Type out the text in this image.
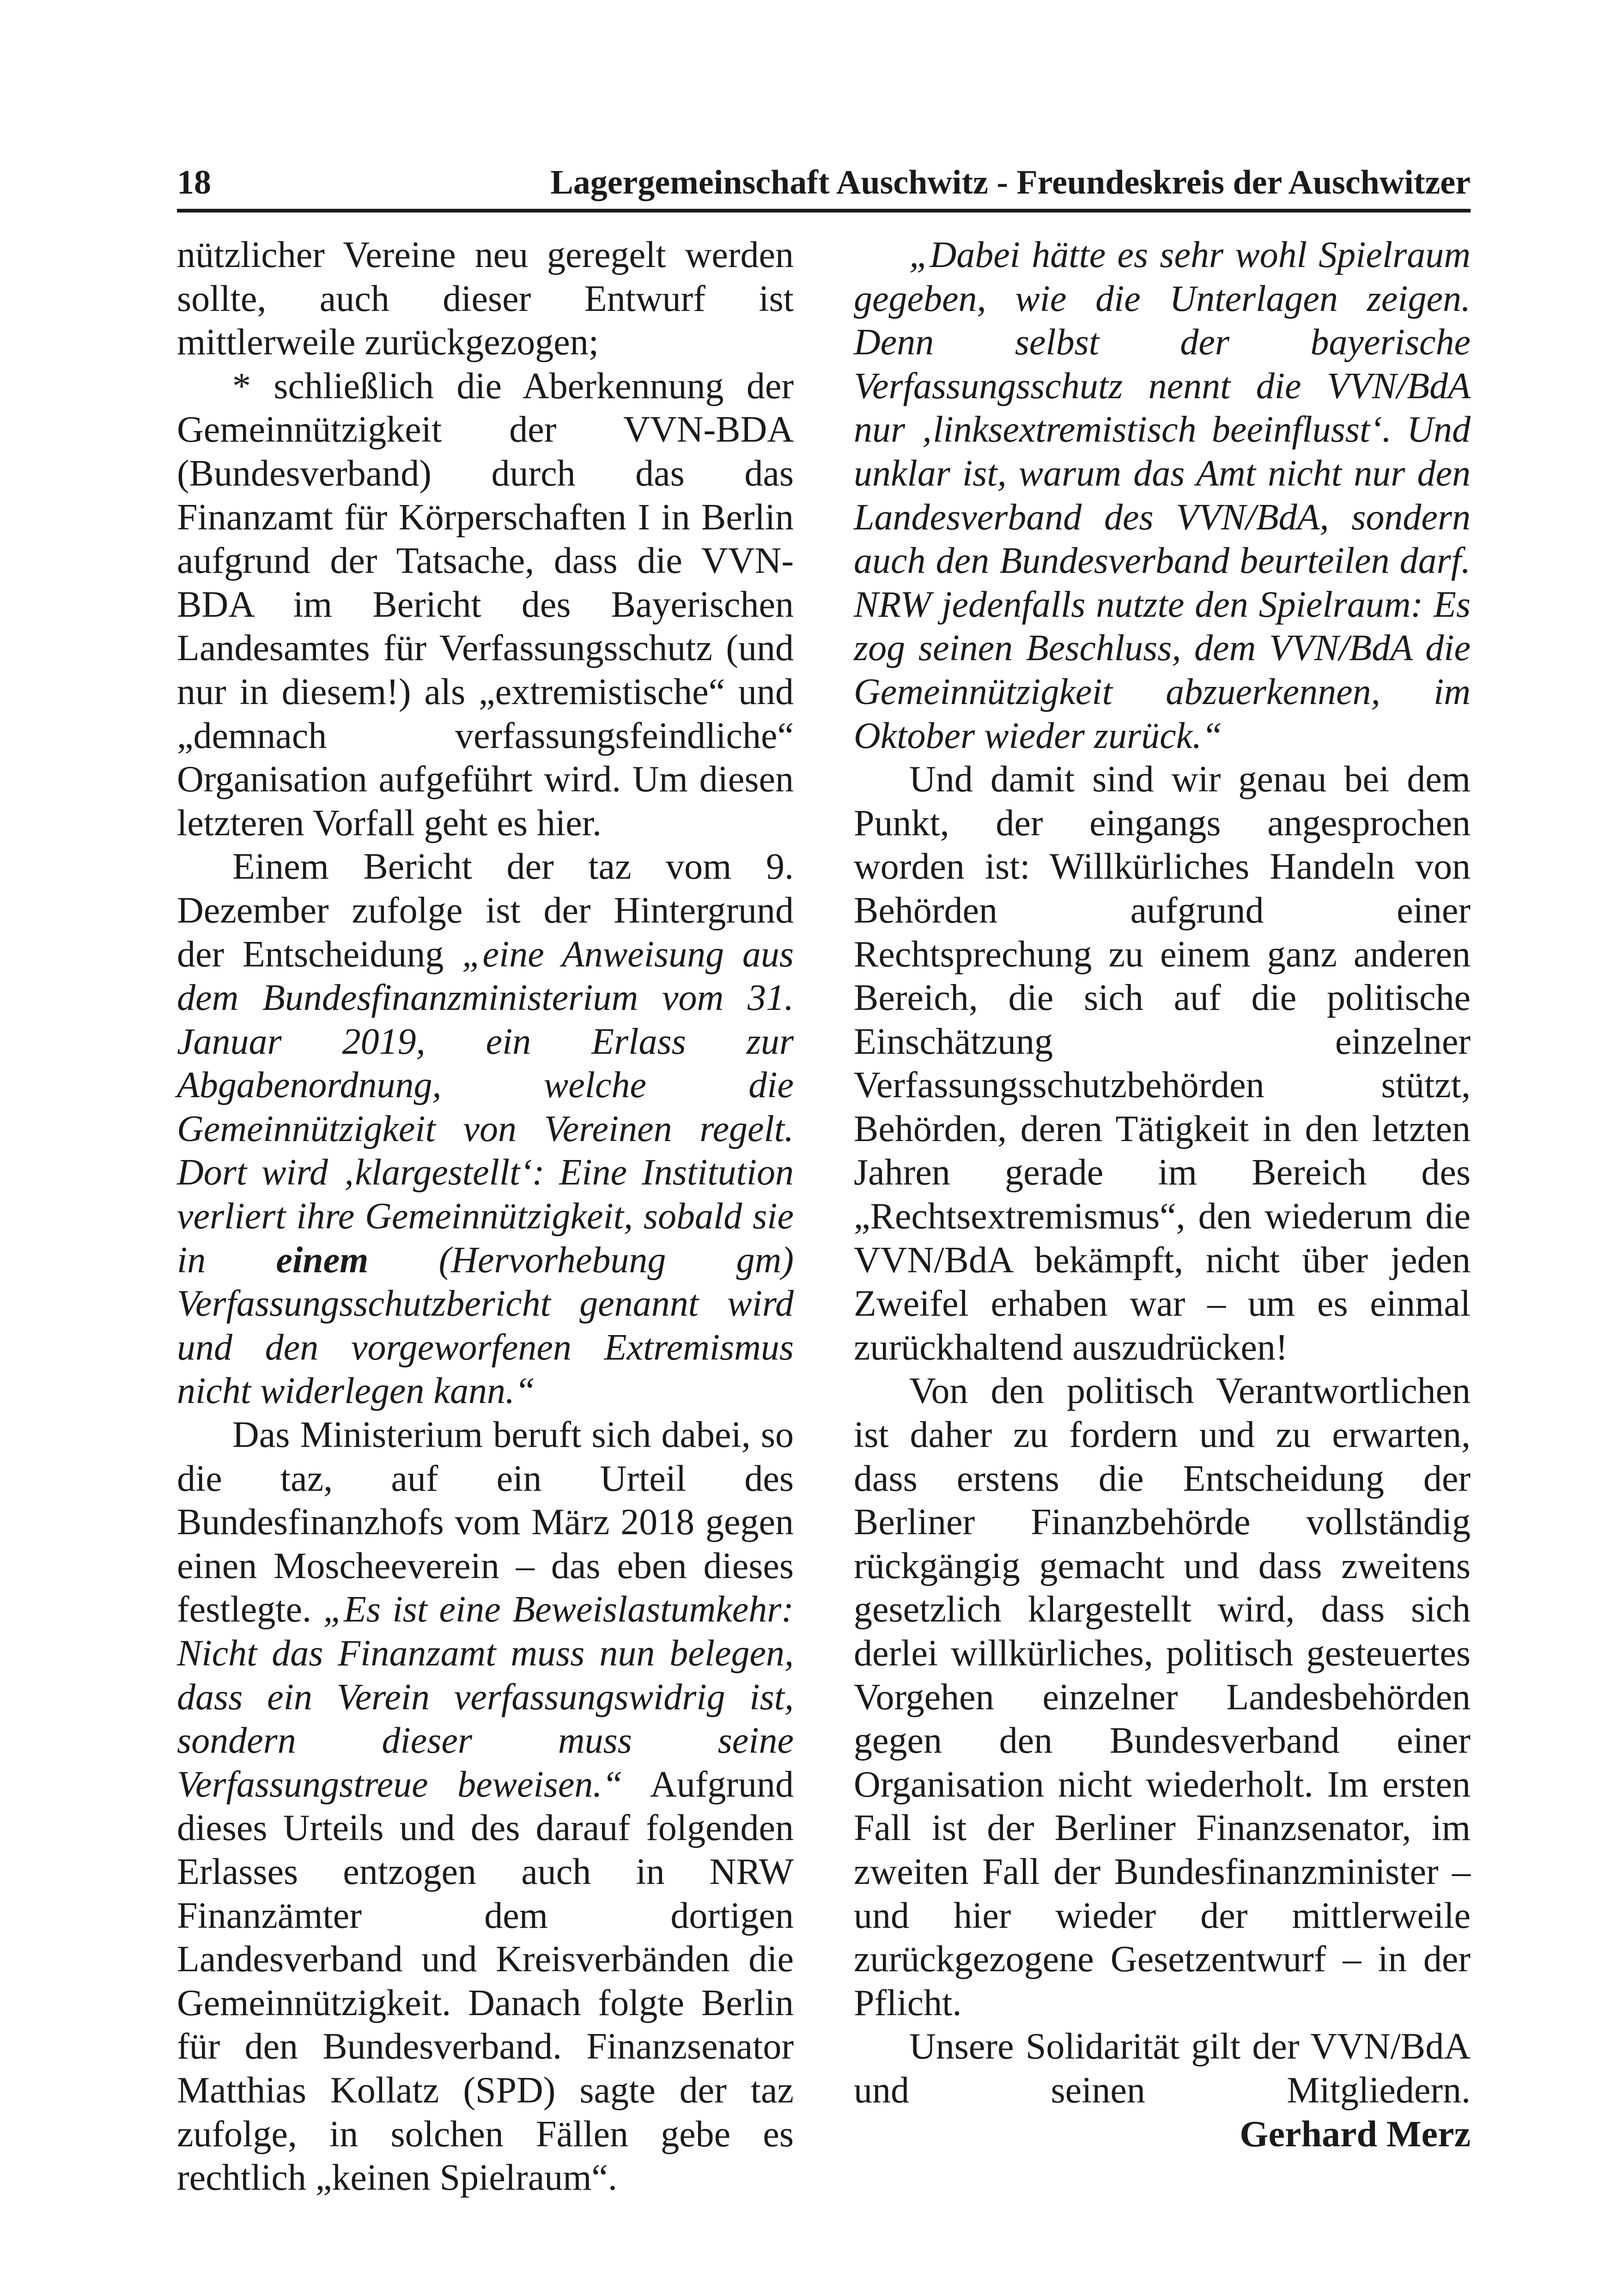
18	Lagergemeinschaft Auschwitz - Freundeskreis der Auschwitzer

nützlicher Vereine neu geregelt werden sollte, auch dieser Entwurf ist mittlerweile zurückgezogen;

* schließlich die Aberkennung der Gemeinnützigkeit der VVN-BDA (Bundesverband) durch das das Finanzamt für Körperschaften I in Berlin aufgrund der Tatsache, dass die VVN-BDA im Bericht des Bayerischen Landesamtes für Verfassungsschutz (und nur in diesem!) als „extremistische“ und „demnach verfassungsfeindliche“ Organisation aufgeführt wird. Um diesen letzteren Vorfall geht es hier.

Einem Bericht der taz vom 9. Dezember zufolge ist der Hintergrund der Entscheidung „eine Anweisung aus dem Bundesfinanzministerium vom 31. Januar 2019, ein Erlass zur Abgabenordnung, welche die Gemeinnützigkeit von Vereinen regelt. Dort wird ‚klargestellt‘: Eine Institution verliert ihre Gemeinnützigkeit, sobald sie in einem (Hervorhebung gm) Verfassungsschutzbericht genannt wird und den vorgeworfenen Extremismus nicht widerlegen kann.“

Das Ministerium beruft sich dabei, so die taz, auf ein Urteil des Bundesfinanzhofs vom März 2018 gegen einen Moscheeverein – das eben dieses festlegte. „Es ist eine Beweislastumkehr: Nicht das Finanzamt muss nun belegen, dass ein Verein verfassungswidrig ist, sondern dieser muss seine Verfassungstreue beweisen.“ Aufgrund dieses Urteils und des darauf folgenden Erlasses entzogen auch in NRW Finanzämter dem dortigen Landesverband und Kreisverbänden die Gemeinnützigkeit. Danach folgte Berlin für den Bundesverband. Finanzsenator Matthias Kollatz (SPD) sagte der taz zufolge, in solchen Fällen gebe es rechtlich „keinen Spielraum“.

„Dabei hätte es sehr wohl Spielraum gegeben, wie die Unterlagen zeigen. Denn selbst der bayerische Verfassungsschutz nennt die VVN/BdA nur ‚linksextremistisch beeinflusst‘. Und unklar ist, warum das Amt nicht nur den Landesverband des VVN/BdA, sondern auch den Bundesverband beurteilen darf. NRW jedenfalls nutzte den Spielraum: Es zog seinen Beschluss, dem VVN/BdA die Gemeinnützigkeit abzuerkennen, im Oktober wieder zurück.“

Und damit sind wir genau bei dem Punkt, der eingangs angesprochen worden ist: Willkürliches Handeln von Behörden aufgrund einer Rechtsprechung zu einem ganz anderen Bereich, die sich auf die politische Einschätzung einzelner Verfassungsschutzbehörden stützt, Behörden, deren Tätigkeit in den letzten Jahren gerade im Bereich des „Rechtsextremismus“, den wiederum die VVN/BdA bekämpft, nicht über jeden Zweifel erhaben war – um es einmal zurückhaltend auszudrücken!

Von den politisch Verantwortlichen ist daher zu fordern und zu erwarten, dass erstens die Entscheidung der Berliner Finanzbehörde vollständig rückgängig gemacht und dass zweitens gesetzlich klargestellt wird, dass sich derlei willkürliches, politisch gesteuertes Vorgehen einzelner Landesbehörden gegen den Bundesverband einer Organisation nicht wiederholt. Im ersten Fall ist der Berliner Finanzsenator, im zweiten Fall der Bundesfinanzminister – und hier wieder der mittlerweile zurückgezogene Gesetzentwurf – in der Pflicht.

Unsere Solidarität gilt der VVN/BdA und seinen Mitgliedern.

Gerhard Merz
